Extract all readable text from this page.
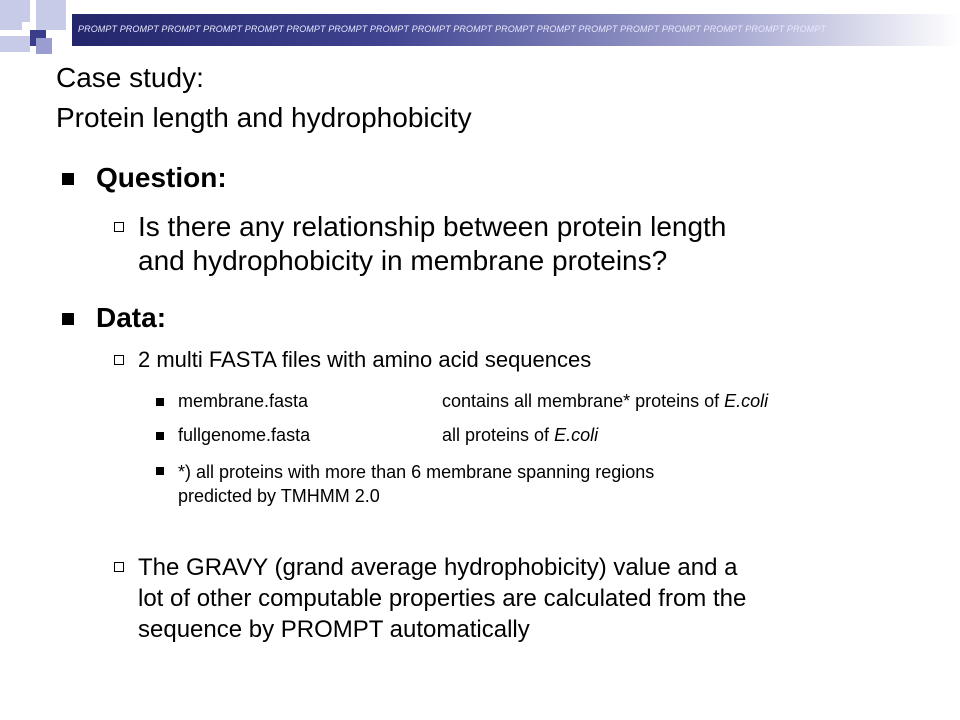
PROMPT PROMPT PROMPT PROMPT PROMPT PROMPT PROMPT PROMPT PROMPT PROMPT PROMPT PROMPT PROMPT PROMPT PROMPT PROMPT PROMPT PROMPT
Case study:
Protein length and hydrophobicity
Question:
Is there any relationship between protein length
and hydrophobicity in membrane proteins?
Data:
2 multi FASTA files with amino acid sequences
membrane.fasta	contains all membrane* proteins of E.coli
fullgenome.fasta	all proteins of E.coli
*) all proteins with more than 6 membrane spanning regions
predicted by TMHMM 2.0
The GRAVY (grand average hydrophobicity) value and a
lot of other computable properties are calculated from the
sequence by PROMPT automatically
